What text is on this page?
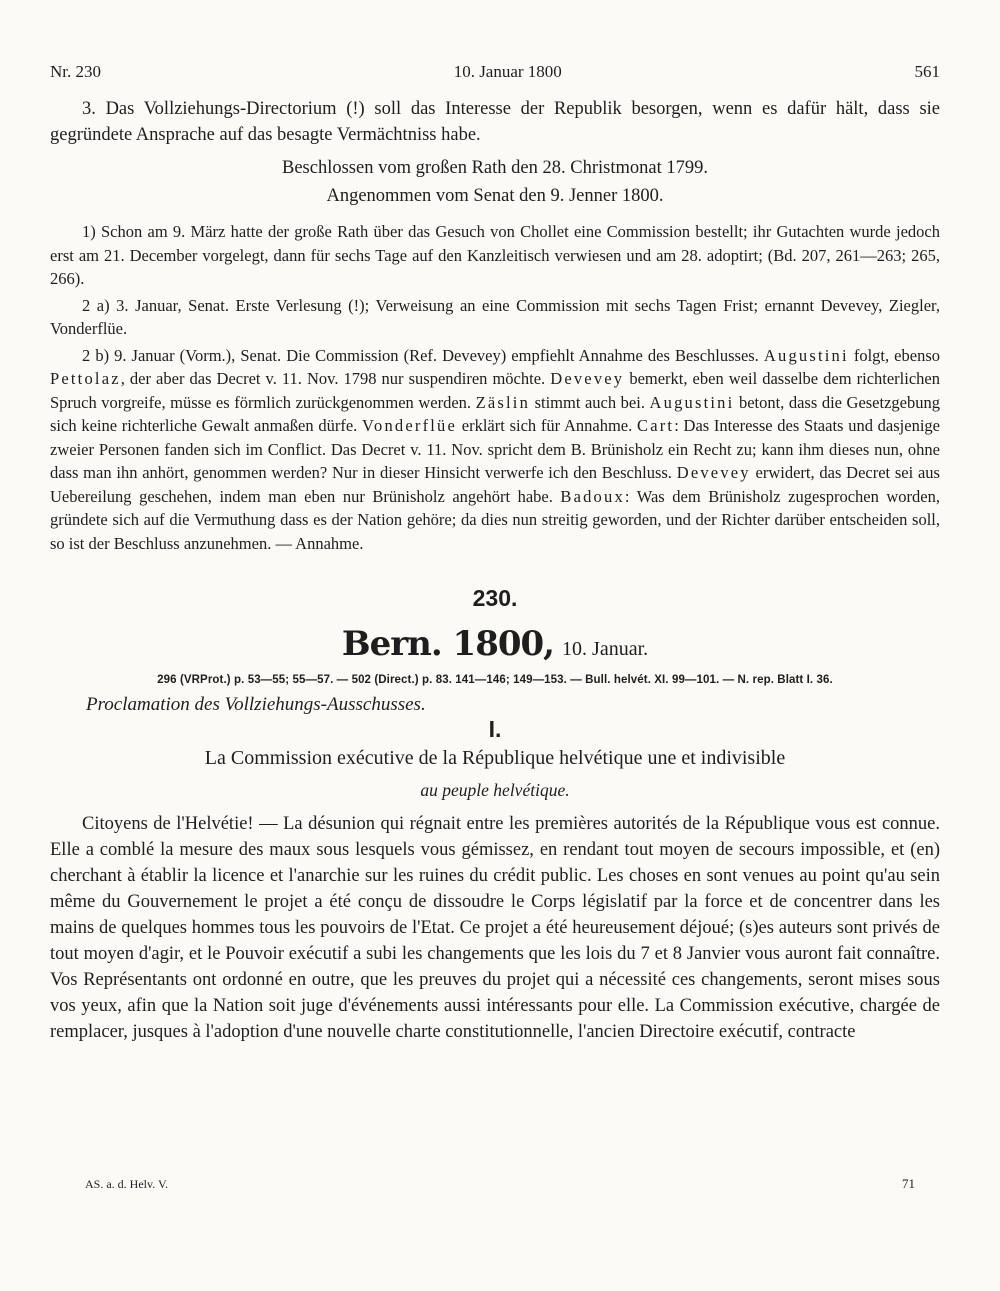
Nr. 230	10. Januar 1800	561

3. Das Vollziehungs-Directorium (!) soll das Interesse der Republik besorgen, wenn es dafür hält, dass sie gegründete Ansprache auf das besagte Vermächtniss habe.

Beschlossen vom großen Rath den 28. Christmonat 1799.

Angenommen vom Senat den 9. Jenner 1800.

1) Schon am 9. März hatte der große Rath über das Gesuch von Chollet eine Commission bestellt; ihr Gutachten wurde jedoch erst am 21. December vorgelegt, dann für sechs Tage auf den Kanzleitisch verwiesen und am 28. adoptirt; (Bd. 207, 261—263; 265, 266).

2 a) 3. Januar, Senat. Erste Verlesung (!); Verweisung an eine Commission mit sechs Tagen Frist; ernannt Devevey, Ziegler, Vonderflüe.

2 b) 9. Januar (Vorm.), Senat. Die Commission (Ref. Devevey) empfiehlt Annahme des Beschlusses. Augustini folgt, ebenso Pettolaz, der aber das Decret v. 11. Nov. 1798 nur suspendiren möchte. Devevey bemerkt, eben weil dasselbe dem richterlichen Spruch vorgreife, müsse es förmlich zurückgenommen werden. Zäslin stimmt auch bei. Augustini betont, dass die Gesetzgebung sich keine richterliche Gewalt anmaßen dürfe. Vonderflüe erklärt sich für Annahme. Cart: Das Interesse des Staats und dasjenige zweier Personen fanden sich im Conflict. Das Decret v. 11. Nov. spricht dem B. Brünisholz ein Recht zu; kann ihm dieses nun, ohne dass man ihn anhört, genommen werden? Nur in dieser Hinsicht verwerfe ich den Beschluss. Devevey erwidert, das Decret sei aus Uebereilung geschehen, indem man eben nur Brünisholz angehört habe. Badoux: Was dem Brünisholz zugesprochen worden, gründete sich auf die Vermuthung dass es der Nation gehöre; da dies nun streitig geworden, und der Richter darüber entscheiden soll, so ist der Beschluss anzunehmen. — Annahme.

230.
Bern. 1800, 10. Januar.
296 (VRProt.) p. 53—55; 55—57. — 502 (Direct.) p. 83. 141—146; 149—153. — Bull. helvét. XI. 99—101. — N. rep. Blatt I. 36.
Proclamation des Vollziehungs-Ausschusses.
I.
La Commission exécutive de la République helvétique une et indivisible
au peuple helvétique.

Citoyens de l'Helvétie! — La désunion qui régnait entre les premières autorités de la République vous est connue. Elle a comblé la mesure des maux sous lesquels vous gémissez, en rendant tout moyen de secours impossible, et (en) cherchant à établir la licence et l'anarchie sur les ruines du crédit public. Les choses en sont venues au point qu'au sein même du Gouvernement le projet a été conçu de dissoudre le Corps législatif par la force et de concentrer dans les mains de quelques hommes tous les pouvoirs de l'Etat. Ce projet a été heureusement déjoué; (s)es auteurs sont privés de tout moyen d'agir, et le Pouvoir exécutif a subi les changements que les lois du 7 et 8 Janvier vous auront fait connaître. Vos Représentants ont ordonné en outre, que les preuves du projet qui a nécessité ces changements, seront mises sous vos yeux, afin que la Nation soit juge d'événements aussi intéressants pour elle. La Commission exécutive, chargée de remplacer, jusques à l'adoption d'une nouvelle charte constitutionnelle, l'ancien Directoire exécutif, contracte

AS. a. d. Helv. V.	71
